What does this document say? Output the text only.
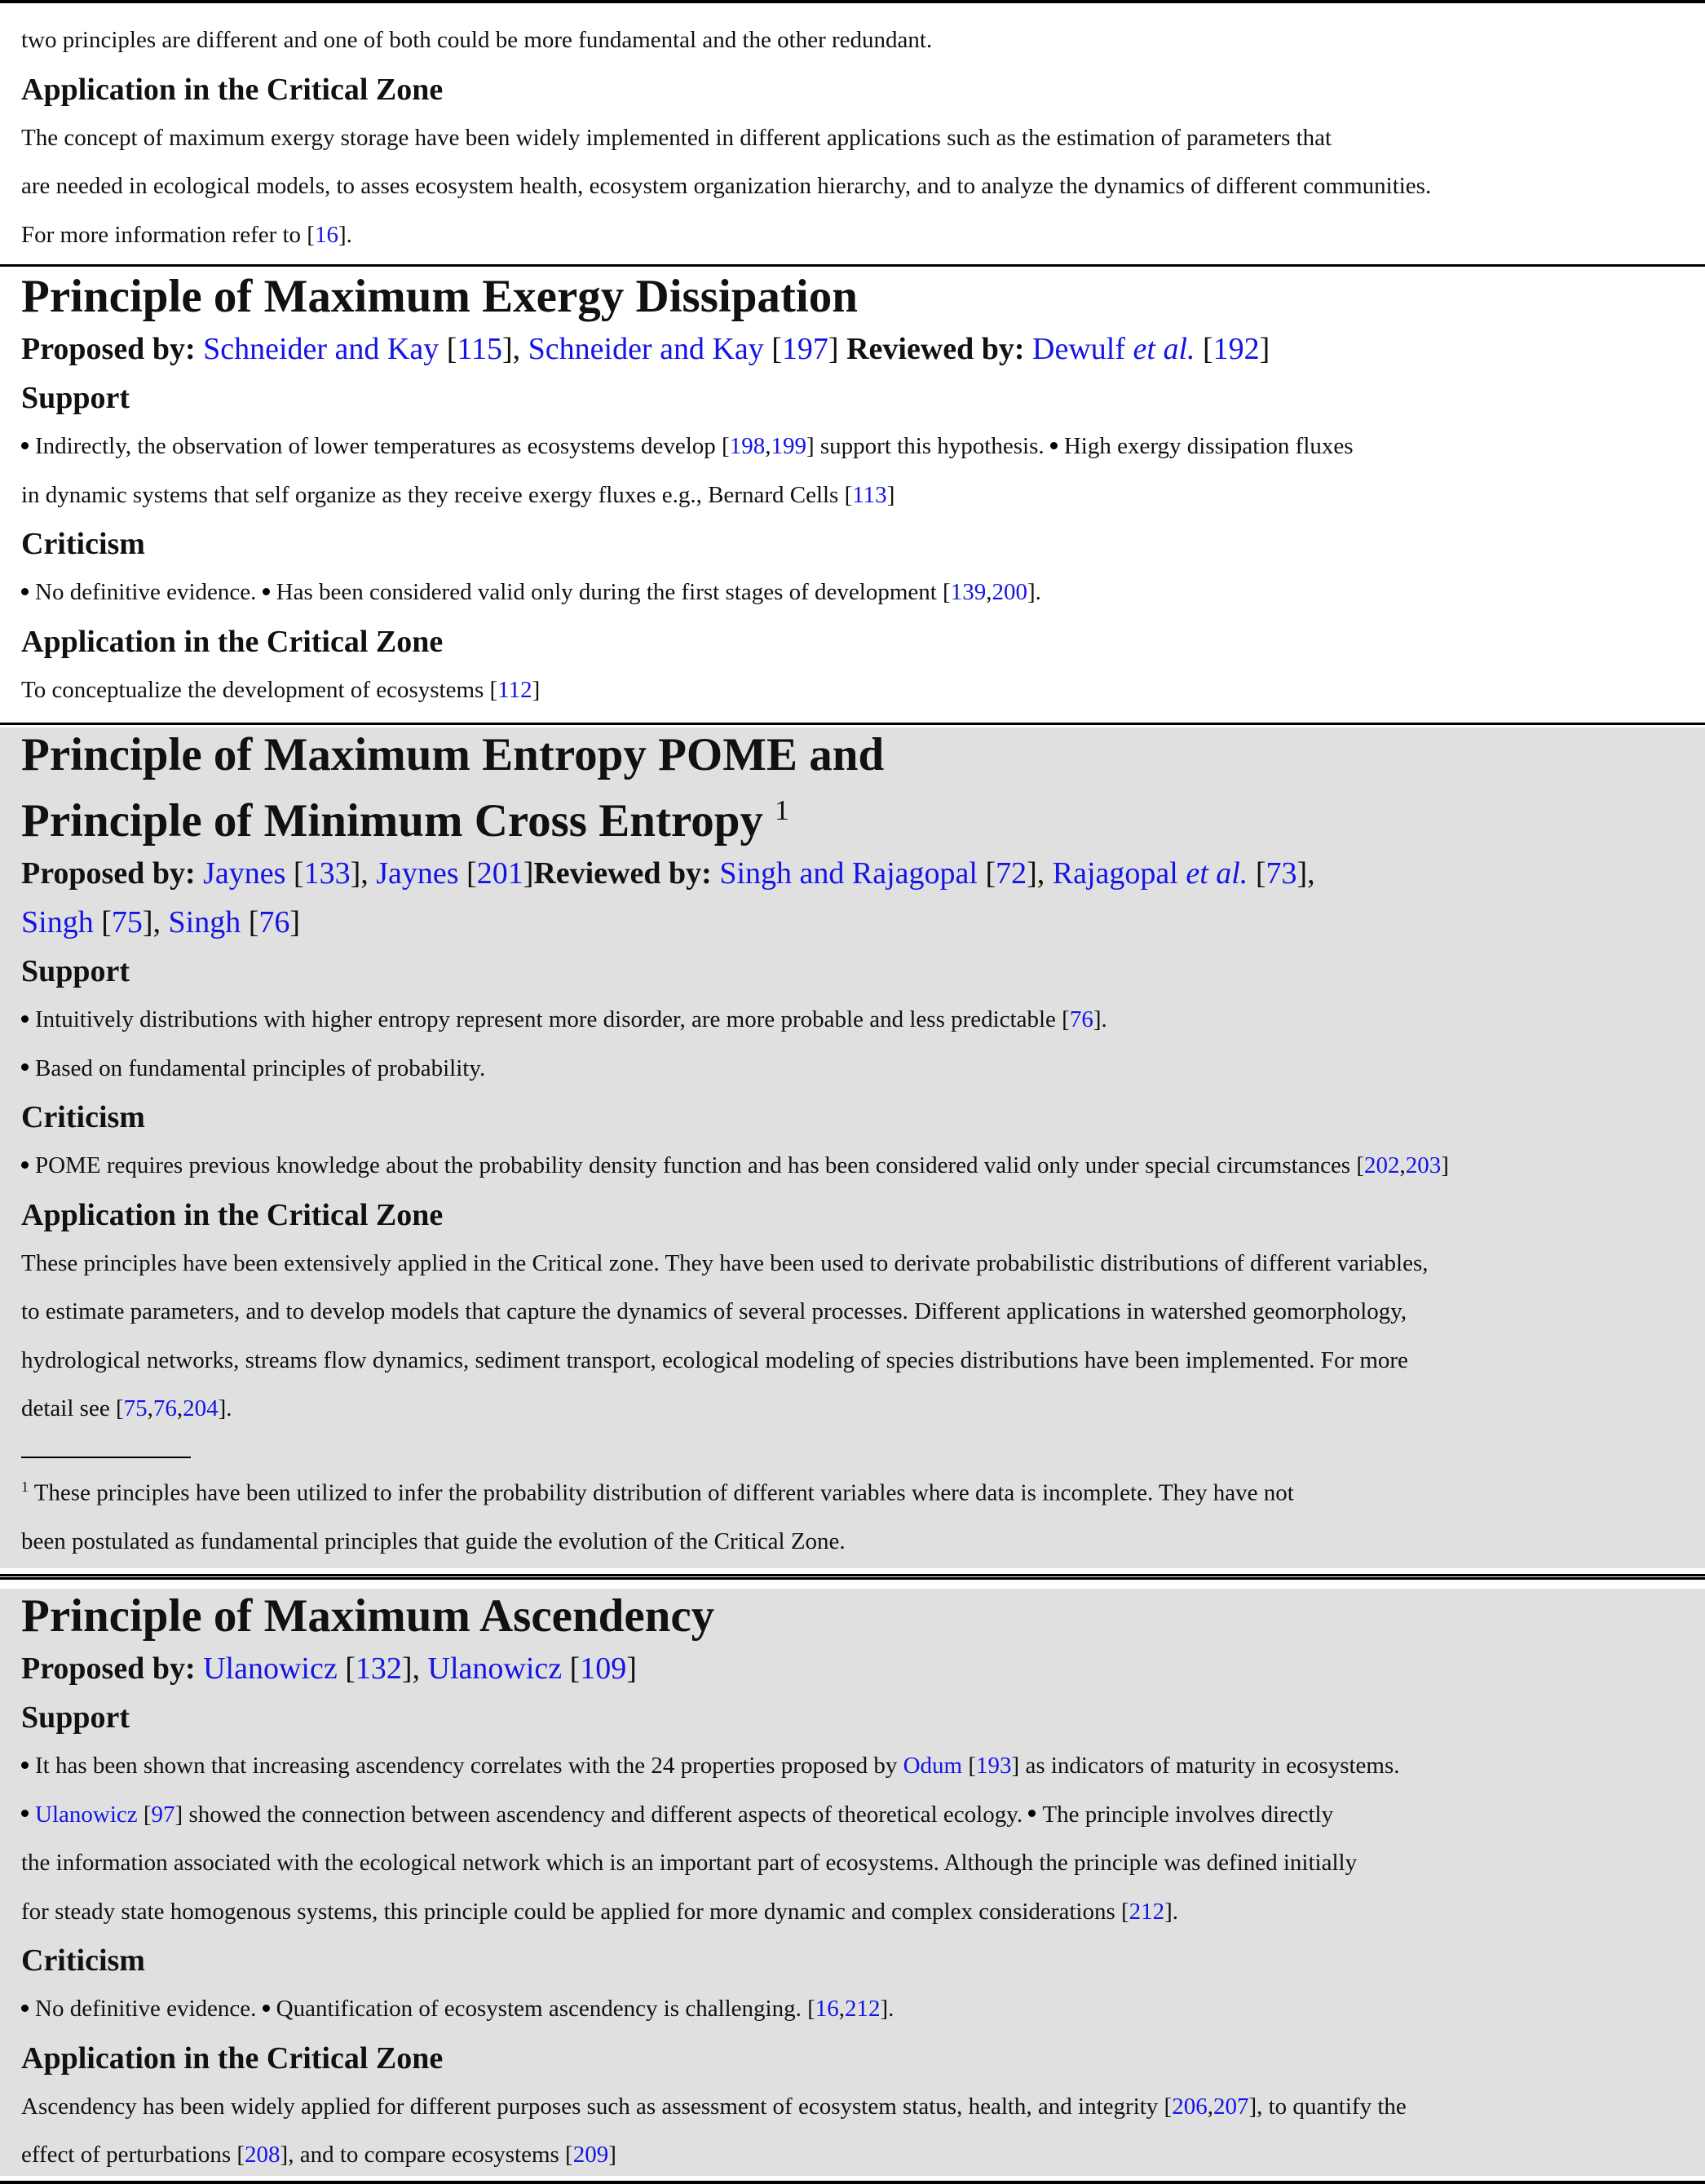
two principles are different and one of both could be more fundamental and the other redundant.

Application in the Critical Zone

The concept of maximum exergy storage have been widely implemented in different applications such as the estimation of parameters that

are needed in ecological models, to asses ecosystem health, ecosystem organization hierarchy, and to analyze the dynamics of different communities.

For more information refer to [16].

Principle of Maximum Exergy Dissipation

Proposed by: Schneider and Kay [115], Schneider and Kay [197] Reviewed by: Dewulf et al. [192]

Support

Indirectly, the observation of lower temperatures as ecosystems develop [198,199] support this hypothesis. High exergy dissipation fluxes

in dynamic systems that self organize as they receive exergy fluxes e.g., Bernard Cells [113]

Criticism

No definitive evidence. Has been considered valid only during the first stages of development [139,200].

Application in the Critical Zone

To conceptualize the development of ecosystems [112]

Principle of Maximum Entropy POME and
Principle of Minimum Cross Entropy $^1$

Proposed by: Jaynes [133], Jaynes [201]Reviewed by: Singh and Rajagopal [72], Rajagopal et al. [73],

Singh [75], Singh [76]

Support

Intuitively distributions with higher entropy represent more disorder, are more probable and less predictable [76].

Based on fundamental principles of probability.

Criticism

POME requires previous knowledge about the probability density function and has been considered valid only under special circumstances [202,203]

Application in the Critical Zone

These principles have been extensively applied in the Critical zone. They have been used to derivate probabilistic distributions of different variables,

to estimate parameters, and to develop models that capture the dynamics of several processes. Different applications in watershed geomorphology,

hydrological networks, streams flow dynamics, sediment transport, ecological modeling of species distributions have been implemented. For more

detail see [75,76,204].

$^1$ These principles have been utilized to infer the probability distribution of different variables where data is incomplete. They have not

been postulated as fundamental principles that guide the evolution of the Critical Zone.

Principle of Maximum Ascendency

Proposed by: Ulanowicz [132], Ulanowicz [109]

Support

It has been shown that increasing ascendency correlates with the 24 properties proposed by Odum [193] as indicators of maturity in ecosystems.

Ulanowicz [97] showed the connection between ascendency and different aspects of theoretical ecology. The principle involves directly

the information associated with the ecological network which is an important part of ecosystems. Although the principle was defined initially

for steady state homogenous systems, this principle could be applied for more dynamic and complex considerations [212].

Criticism

No definitive evidence. Quantification of ecosystem ascendency is challenging. [16,212].

Application in the Critical Zone

Ascendency has been widely applied for different purposes such as assessment of ecosystem status, health, and integrity [206,207], to quantify the

effect of perturbations [208], and to compare ecosystems [209]
